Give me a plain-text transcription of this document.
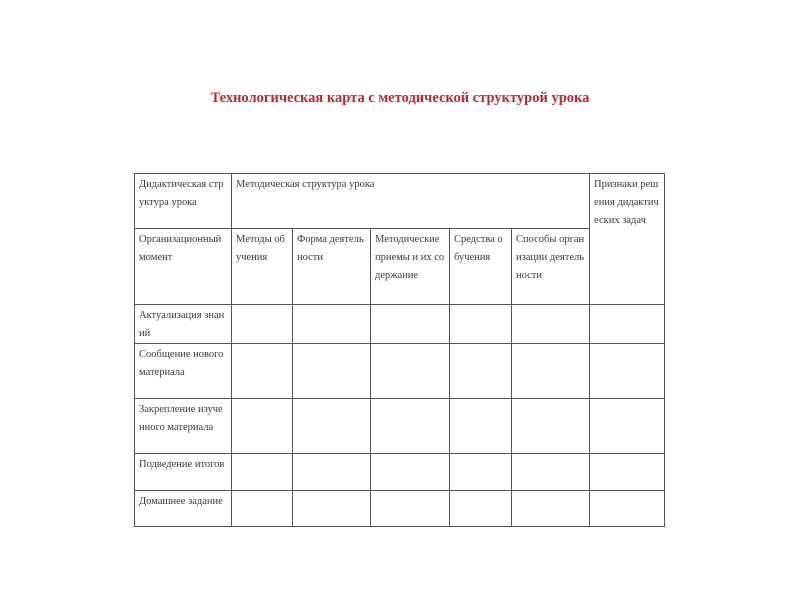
Технологическая карта с методической структурой урока
Дидактическая структура урока	Методическая структура урока					Признаки решения дидактических задач
Организационный момент	Методы обучения	Форма деятельности	Методические приемы и их содержание	Средства обучения	Способы организации деятельности	
Актуализация знаний						
Сообщение нового материала						
Закрепление изученного материала						
Подведение итогов						
Домашнее задание						
